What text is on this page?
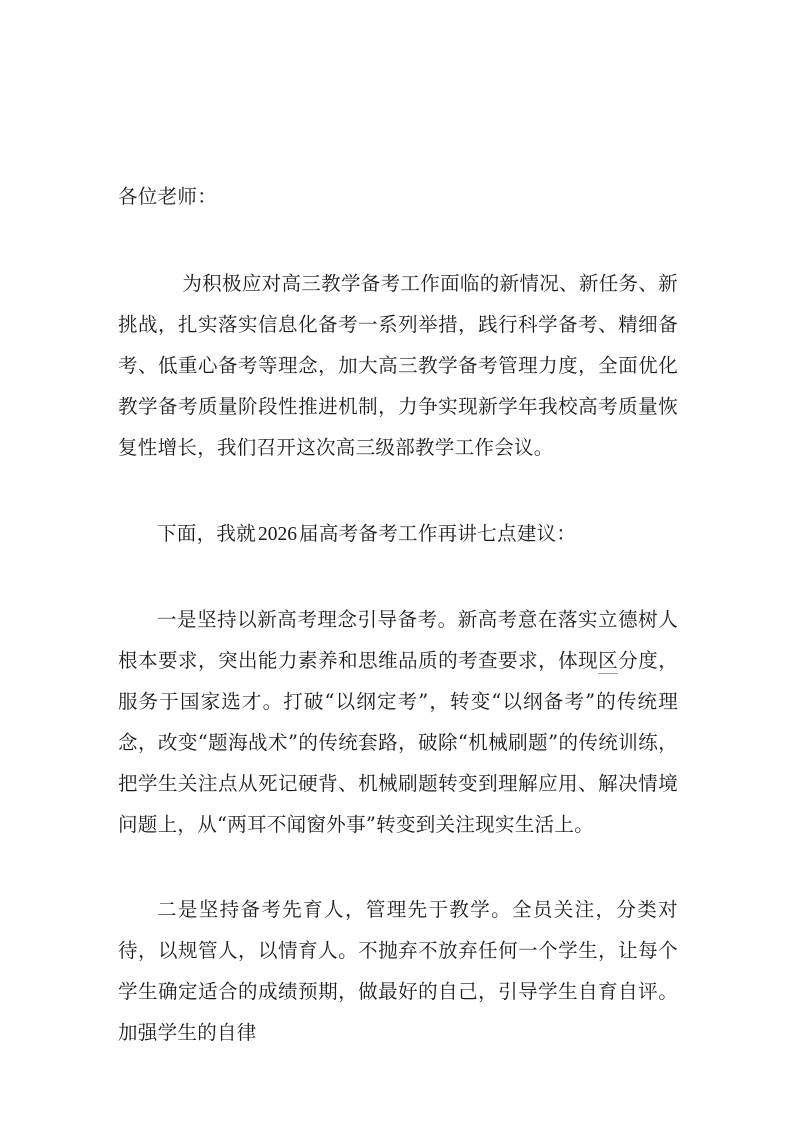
各位老师：

为积极应对高三教学备考工作面临的新情况、新任务、新挑战，扎实落实信息化备考一系列举措，践行科学备考、精细备考、低重心备考等理念，加大高三教学备考管理力度，全面优化教学备考质量阶段性推进机制，力争实现新学年我校高考质量恢复性增长，我们召开这次高三级部教学工作会议。

下面，我就 2026 届高考备考工作再讲七点建议：

一是坚持以新高考理念引导备考。新高考意在落实立德树人根本要求，突出能力素养和思维品质的考查要求，体现区分度，服务于国家选才。打破“以纲定考”，转变“以纲备考”的传统理念，改变“题海战术”的传统套路，破除“机械刷题”的传统训练，把学生关注点从死记硬背、机械刷题转变到理解应用、解决情境问题上，从“两耳不闻窗外事”转变到关注现实生活上。

二是坚持备考先育人，管理先于教学。全员关注，分类对待，以规管人，以情育人。不抛弃不放弃任何一个学生，让每个学生确定适合的成绩预期，做最好的自己，引导学生自育自评。加强学生的自律
